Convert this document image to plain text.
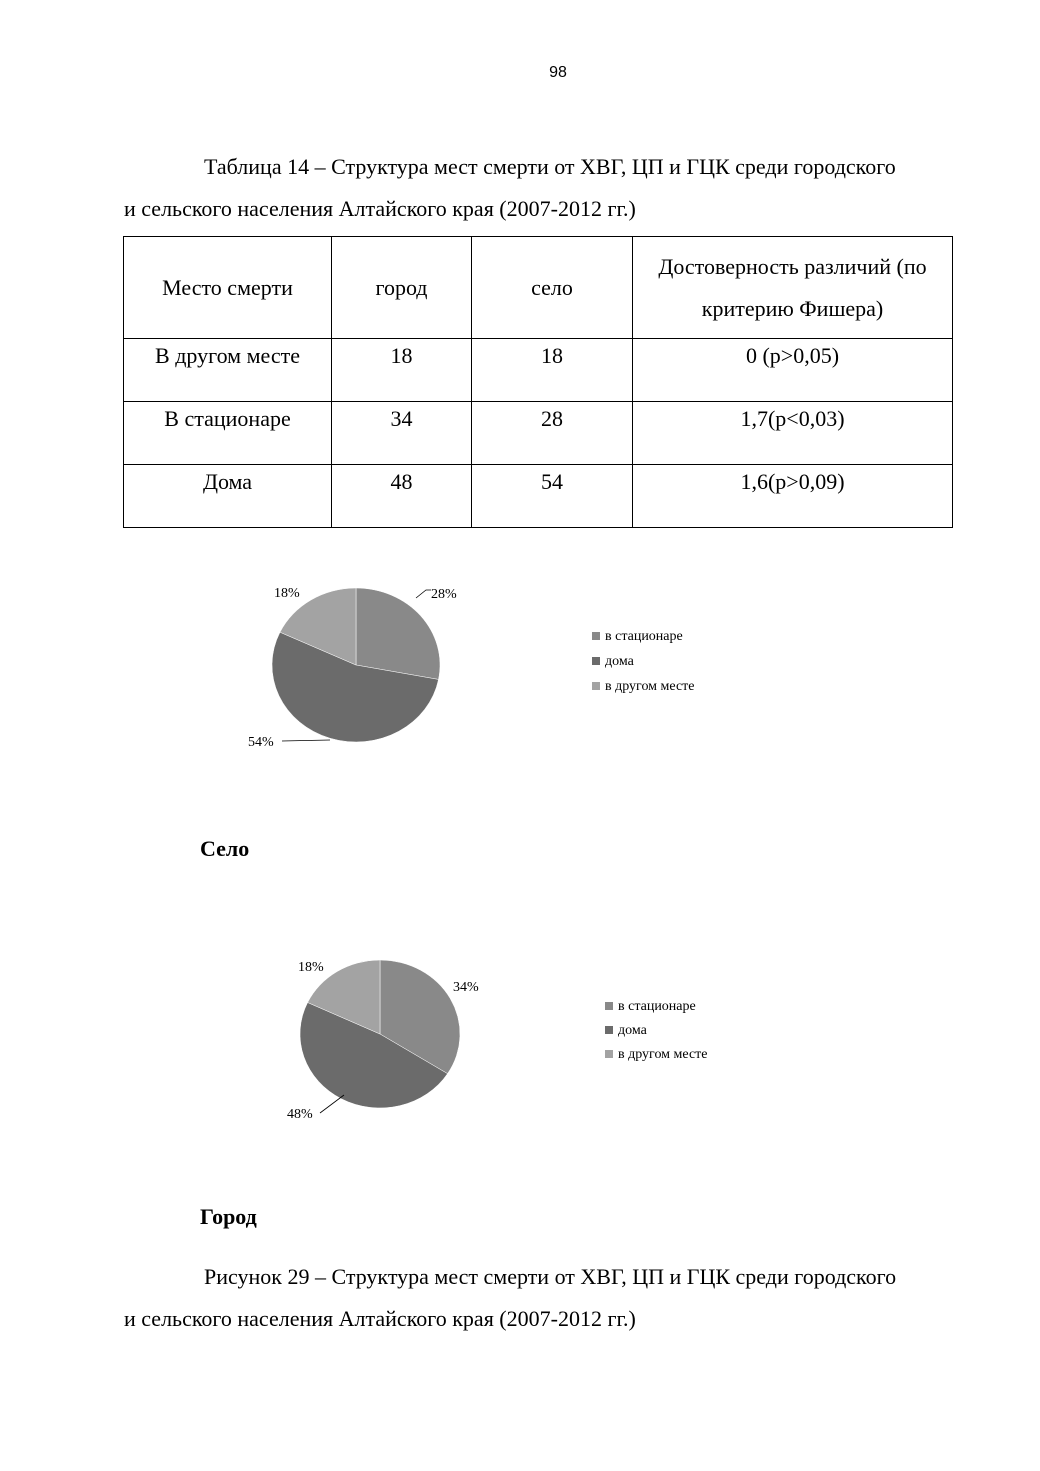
98

Таблица 14 – Структура мест смерти от ХВГ, ЦП и ГЦК среди городского
и сельского населения Алтайского края (2007-2012 гг.)

Место смерти	город	село	Достоверность различий (по критерию Фишера)
В другом месте	18	18	0 (р>0,05)
В стационаре	34	28	1,7(р<0,03)
Дома	48	54	1,6(р>0,09)
28%
в стационаре
54%
дома
18%
в другом месте
Село
34%
в стационаре
48%
дома
18%
в другом месте
Город

Рисунок 29 – Структура мест смерти от ХВГ, ЦП и ГЦК среди городского
и сельского населения Алтайского края (2007-2012 гг.)
